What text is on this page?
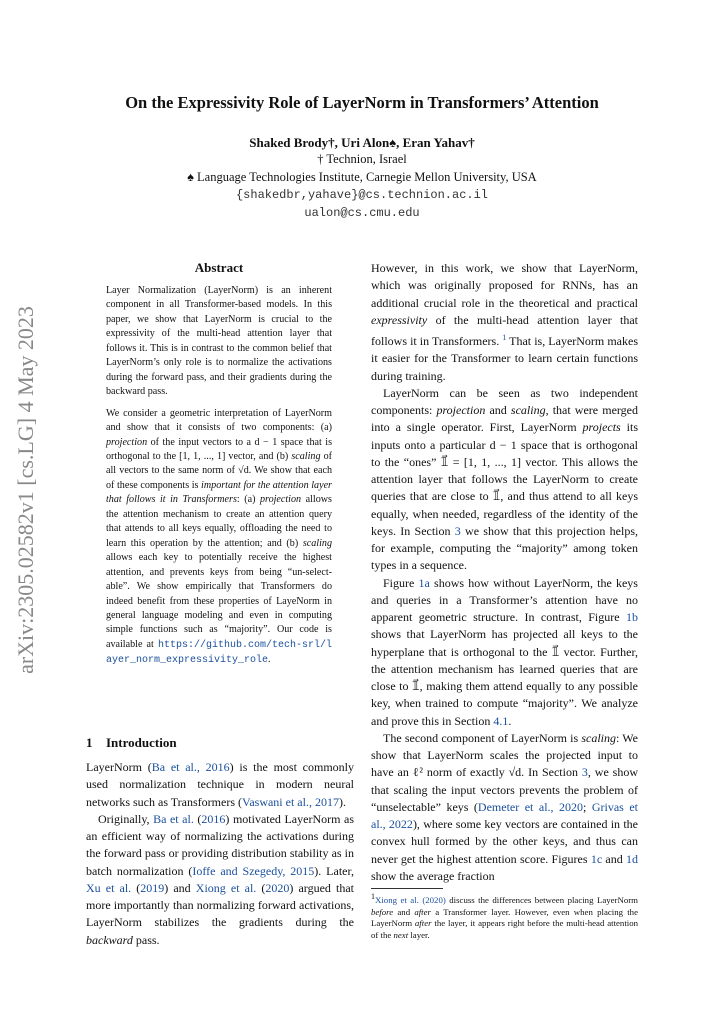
arXiv:2305.02582v1 [cs.LG] 4 May 2023
On the Expressivity Role of LayerNorm in Transformers’ Attention
Shaked Brody†, Uri Alon♠, Eran Yahav†
† Technion, Israel
♠ Language Technologies Institute, Carnegie Mellon University, USA
{shakedbr,yahave}@cs.technion.ac.il
ualon@cs.cmu.edu
Abstract

Layer Normalization (LayerNorm) is an inherent component in all Transformer-based models. In this paper, we show that LayerNorm is crucial to the expressivity of the multi-head attention layer that follows it. This is in contrast to the common belief that LayerNorm’s only role is to normalize the activations during the forward pass, and their gradients during the backward pass.

We consider a geometric interpretation of LayerNorm and show that it consists of two components: (a) projection of the input vectors to a d − 1 space that is orthogonal to the [1, 1, ..., 1] vector, and (b) scaling of all vectors to the same norm of √d. We show that each of these components is important for the attention layer that follows it in Transformers: (a) projection allows the attention mechanism to create an attention query that attends to all keys equally, offloading the need to learn this operation by the attention; and (b) scaling allows each key to potentially receive the highest attention, and prevents keys from being “un-select-able”. We show empirically that Transformers do indeed benefit from these properties of LayeNorm in general language modeling and even in computing simple functions such as “majority”. Our code is available at https://github.com/tech-srl/layer_norm_expressivity_role.

1 Introduction

LayerNorm (Ba et al., 2016) is the most commonly used normalization technique in modern neural networks such as Transformers (Vaswani et al., 2017).

Originally, Ba et al. (2016) motivated LayerNorm as an efficient way of normalizing the activations during the forward pass or providing distribution stability as in batch normalization (Ioffe and Szegedy, 2015). Later, Xu et al. (2019) and Xiong et al. (2020) argued that more importantly than normalizing forward activations, LayerNorm stabilizes the gradients during the backward pass.

However, in this work, we show that LayerNorm, which was originally proposed for RNNs, has an additional crucial role in the theoretical and practical expressivity of the multi-head attention layer that follows it in Transformers. $^1$ That is, LayerNorm makes it easier for the Transformer to learn certain functions during training.

LayerNorm can be seen as two independent components: projection and scaling, that were merged into a single operator. First, LayerNorm projects its inputs onto a particular d − 1 space that is orthogonal to the “ones” 𝟙⃗ = [1, 1, ..., 1] vector. This allows the attention layer that follows the LayerNorm to create queries that are close to 𝟙⃗, and thus attend to all keys equally, when needed, regardless of the identity of the keys. In Section 3 we show that this projection helps, for example, computing the “majority” among token types in a sequence.

Figure 1a shows how without LayerNorm, the keys and queries in a Transformer’s attention have no apparent geometric structure. In contrast, Figure 1b shows that LayerNorm has projected all keys to the hyperplane that is orthogonal to the 𝟙⃗ vector. Further, the attention mechanism has learned queries that are close to 𝟙⃗, making them attend equally to any possible key, when trained to compute “majority”. We analyze and prove this in Section 4.1.

The second component of LayerNorm is scaling: We show that LayerNorm scales the projected input to have an ℓ² norm of exactly √d. In Section 3, we show that scaling the input vectors prevents the problem of “unselectable” keys (Demeter et al., 2020; Grivas et al., 2022), where some key vectors are contained in the convex hull formed by the other keys, and thus can never get the highest attention score. Figures 1c and 1d show the average fraction

1Xiong et al. (2020) discuss the differences between placing LayerNorm before and after a Transformer layer. However, even when placing the LayerNorm after the layer, it appears right before the multi-head attention of the next layer.
